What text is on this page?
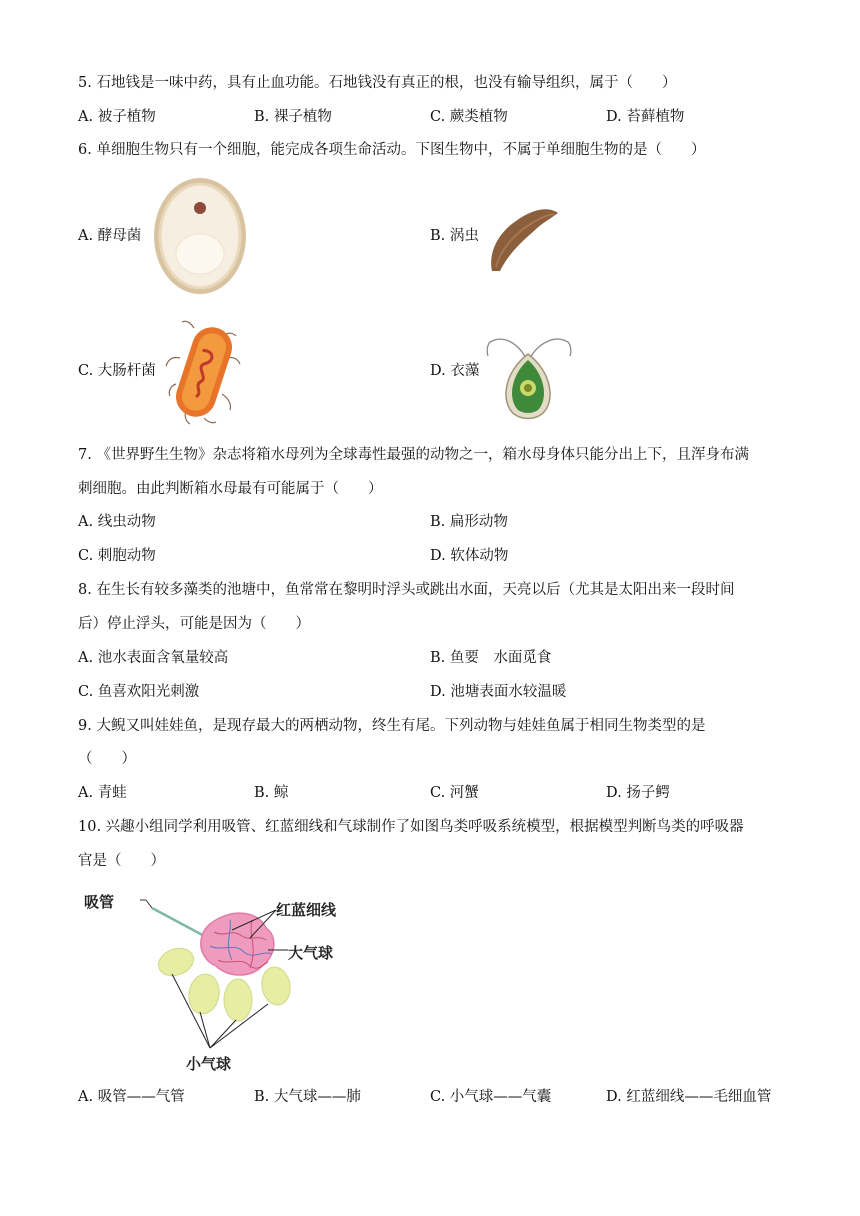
5. 石地钱是一味中药，具有止血功能。石地钱没有真正的根，也没有输导组织，属于（　　）
A. 被子植物	B. 裸子植物	C. 蕨类植物	D. 苔藓植物
6. 单细胞生物只有一个细胞，能完成各项生命活动。下图生物中，不属于单细胞生物的是（　　）
A. 酵母菌	B. 涡虫
C. 大肠杆菌	D. 衣藻
7. 《世界野生生物》杂志将箱水母列为全球毒性最强的动物之一，箱水母身体只能分出上下，且浑身布满
刺细胞。由此判断箱水母最有可能属于（　　）
A. 线虫动物	B. 扁形动物
C. 刺胞动物	D. 软体动物
8. 在生长有较多藻类的池塘中，鱼常常在黎明时浮头或跳出水面，天亮以后（尤其是太阳出来一段时间
后）停止浮头，可能是因为（　　）
A. 池水表面含氧量较高	B. 鱼要　水面觅食
C. 鱼喜欢阳光刺激	D. 池塘表面水较温暖
9. 大鲵又叫娃娃鱼，是现存最大的两栖动物，终生有尾。下列动物与娃娃鱼属于相同生物类型的是
（　　）
A. 青蛙	B. 鲸	C. 河蟹	D. 扬子鳄
10. 兴趣小组同学利用吸管、红蓝细线和气球制作了如图鸟类呼吸系统模型，根据模型判断鸟类的呼吸器
官是（　　）
吸管	红蓝细线
大气球
小气球
A. 吸管——气管	B. 大气球——肺	C. 小气球——气囊	D. 红蓝细线——毛细血管
